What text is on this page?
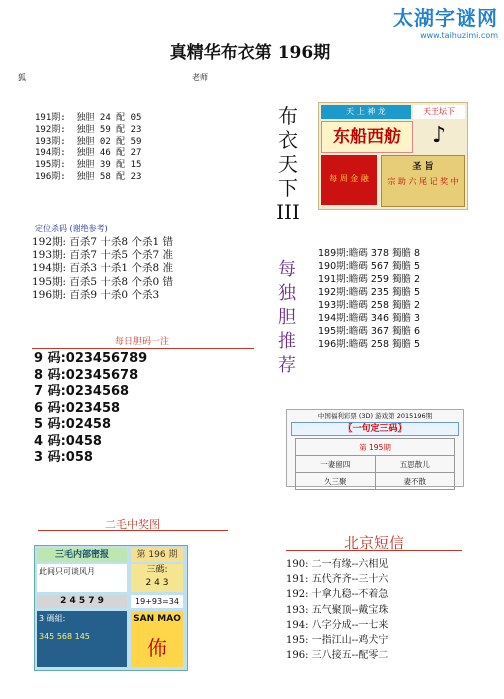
太湖字谜网
www.taihuzimi.com
真精华布衣第 196期
狐	老师
191期:  独胆 24 配 05
192期:  独胆 59 配 23
193期:  独胆 02 配 59
194期:  独胆 46 配 27
195期:  独胆 39 配 15
196期:  独胆 58 配 23
定位杀码 (谢绝参考)
192期: 百杀7 十杀8 个杀1 错
193期: 百杀7 十杀5 个杀7 准
194期: 百杀3 十杀1 个杀8 准
195期: 百杀5 十杀8 个杀0 错
196期: 百杀9 十杀0 个杀3
每日胆码一注
9 码:023456789
8 码:02345678
7 码:0234568
6 码:023458
5 码:02458
4 码:0458
3 码:058
布
衣
天
下
III
天 上 神 龙	天王坛下
东船西舫	♪
每 周 金 融
圣 旨
宗 助 六 尾 记 奖 中
每
独
胆
推
荐
189期:瞻碼 378 獨膽 8
190期:瞻碼 567 獨膽 5
191期:瞻碼 259 獨膽 2
192期:瞻碼 235 獨膽 5
193期:瞻碼 258 獨膽 2
194期:瞻碼 346 獨膽 3
195期:瞻碼 367 獨膽 6
196期:瞻碼 258 獨膽 5
中国福利彩票 (3D) 游戏第 2015196期
〖一句定三码〗
第 195期	
一妻留四	五思散儿
久三聚	妻不散
二毛中奖图
三毛内部密报	第 196 期
此间只可谈风月	三碼:
2 4 3
2 4 5 7 9	19+93=34
3 碼組:
345 568 145
SAN MAO
佈
北京短信
190: 二一有缘--六相见
191: 五代齐齐--三十六
192: 十拿九稳--不着急
193: 五气聚顶--戴宝珠
194: 八字分成--一七来
195: 一指江山--鸡犬宁
196: 三八接五--配零二
